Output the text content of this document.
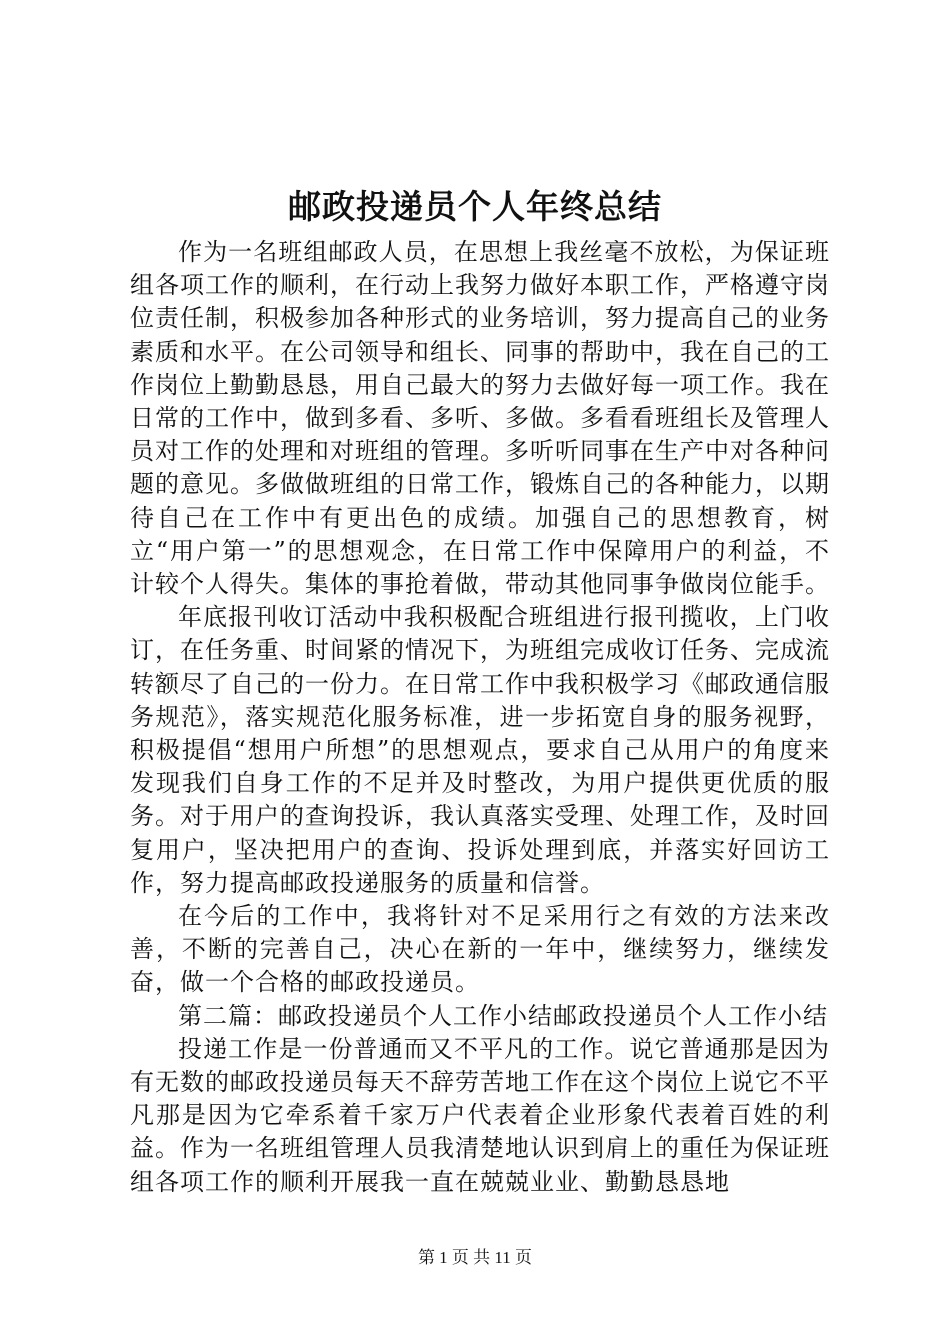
邮政投递员个人年终总结

作为一名班组邮政人员，在思想上我丝毫不放松，为保证班组各项工作的顺利，在行动上我努力做好本职工作，严格遵守岗位责任制，积极参加各种形式的业务培训，努力提高自己的业务素质和水平。在公司领导和组长、同事的帮助中，我在自己的工作岗位上勤勤恳恳，用自己最大的努力去做好每一项工作。我在日常的工作中，做到多看、多听、多做。多看看班组长及管理人员对工作的处理和对班组的管理。多听听同事在生产中对各种问题的意见。多做做班组的日常工作，锻炼自己的各种能力，以期待自己在工作中有更出色的成绩。加强自己的思想教育，树立“用户第一”的思想观念，在日常工作中保障用户的利益，不计较个人得失。集体的事抢着做，带动其他同事争做岗位能手。

年底报刊收订活动中我积极配合班组进行报刊揽收，上门收订，在任务重、时间紧的情况下，为班组完成收订任务、完成流转额尽了自己的一份力。在日常工作中我积极学习《邮政通信服务规范》，落实规范化服务标准，进一步拓宽自身的服务视野，积极提倡“想用户所想”的思想观点，要求自己从用户的角度来发现我们自身工作的不足并及时整改，为用户提供更优质的服务。对于用户的查询投诉，我认真落实受理、处理工作，及时回复用户，坚决把用户的查询、投诉处理到底，并落实好回访工作，努力提高邮政投递服务的质量和信誉。

在今后的工作中，我将针对不足采用行之有效的方法来改善，不断的完善自己，决心在新的一年中，继续努力，继续发奋，做一个合格的邮政投递员。

第二篇：邮政投递员个人工作小结邮政投递员个人工作小结

投递工作是一份普通而又不平凡的工作。说它普通那是因为有无数的邮政投递员每天不辞劳苦地工作在这个岗位上说它不平凡那是因为它牵系着千家万户代表着企业形象代表着百姓的利益。作为一名班组管理人员我清楚地认识到肩上的重任为保证班组各项工作的顺利开展我一直在兢兢业业、勤勤恳恳地

第 1 页 共 11 页
